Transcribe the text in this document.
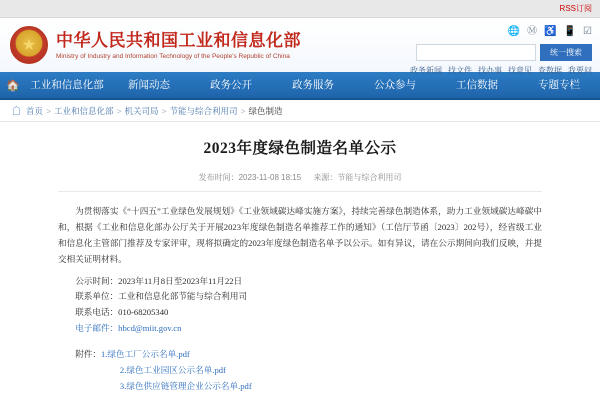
RSS订阅
★
中华人民共和国工业和信息化部
Ministry of Industry and Information Technology of the People's Republic of China
🌐 Ⓜ ♿ 📱 ☑
统一搜索
政务新闻 找文件 找办事 找意见 查数据 我要问
🏠 工业和信息化部	新闻动态	政务公开	政务服务	公众参与	工信数据	专题专栏
☖ 首页 > 工业和信息化部 > 机关司局 > 节能与综合利用司 > 绿色制造
2023年度绿色制造名单公示
发布时间：2023-11-08 18:15 来源：节能与综合利用司

为贯彻落实《“十四五”工业绿色发展规划》《工业领域碳达峰实施方案》，持续完善绿色制造体系，助力工业领域碳达峰碳中和，根据《工业和信息化部办公厅关于开展2023年度绿色制造名单推荐工作的通知》（工信厅节函〔2023〕202号），经省级工业和信息化主管部门推荐及专家评审，现将拟确定的2023年度绿色制造名单予以公示。如有异议，请在公示期间向我们反映，并提交相关证明材料。

公示时间：2023年11月8日至2023年11月22日
联系单位：工业和信息化部节能与综合利用司
联系电话：010-68205340
电子邮件：hbcd@miit.gov.cn
附件：1.绿色工厂公示名单.pdf
2.绿色工业园区公示名单.pdf
3.绿色供应链管理企业公示名单.pdf
